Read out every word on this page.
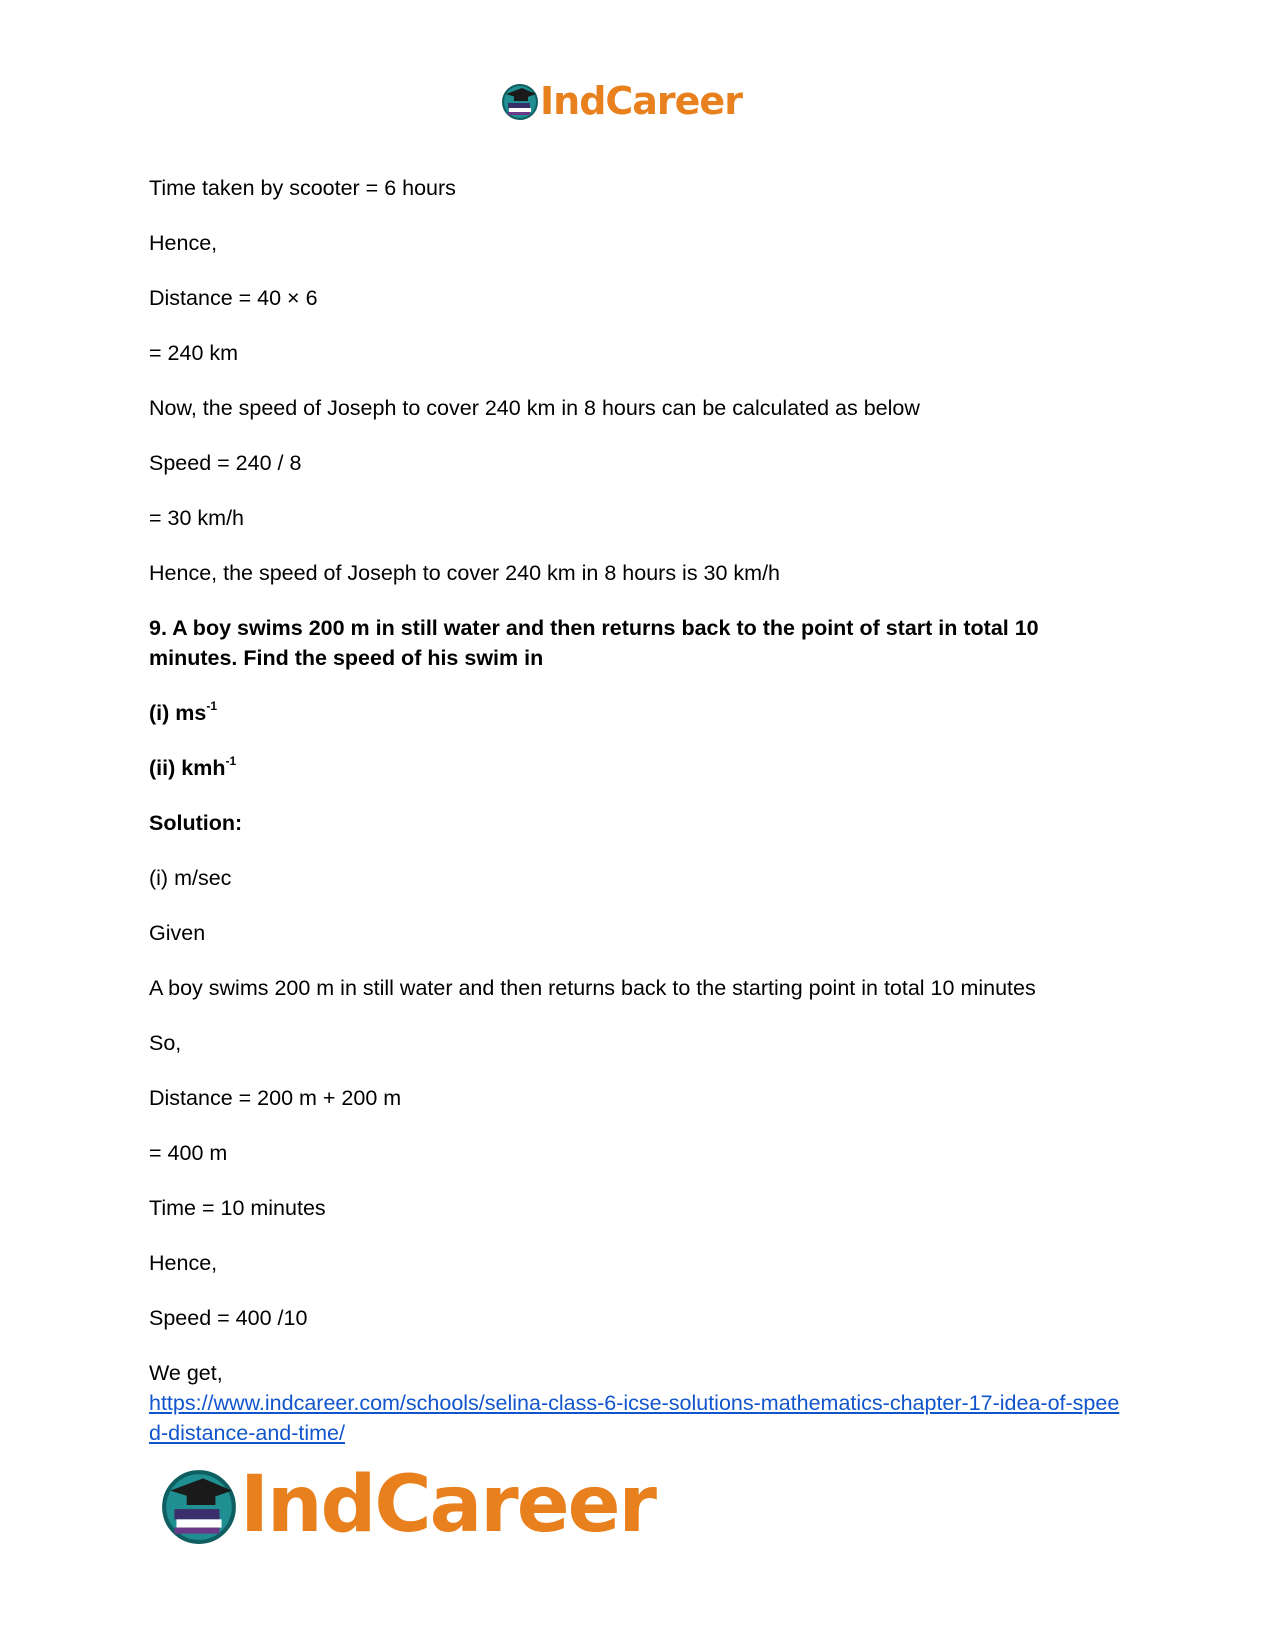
IndCareer

Time taken by scooter = 6 hours

Hence,

Distance = 40 × 6

= 240 km

Now, the speed of Joseph to cover 240 km in 8 hours can be calculated as below

Speed = 240 / 8

= 30 km/h

Hence, the speed of Joseph to cover 240 km in 8 hours is 30 km/h

9. A boy swims 200 m in still water and then returns back to the point of start in total 10 minutes. Find the speed of his swim in

(i) $ms^{-1}$

(ii) kmh$^{-1}$

Solution:

(i) m/sec

Given

A boy swims 200 m in still water and then returns back to the starting point in total 10 minutes

So,

Distance = 200 m + 200 m

= 400 m

Time = 10 minutes

Hence,

Speed = 400 /10

We get,

https://www.indcareer.com/schools/selina-class-6-icse-solutions-mathematics-chapter-17-idea-of-speed-distance-and-time/
IndCareer
